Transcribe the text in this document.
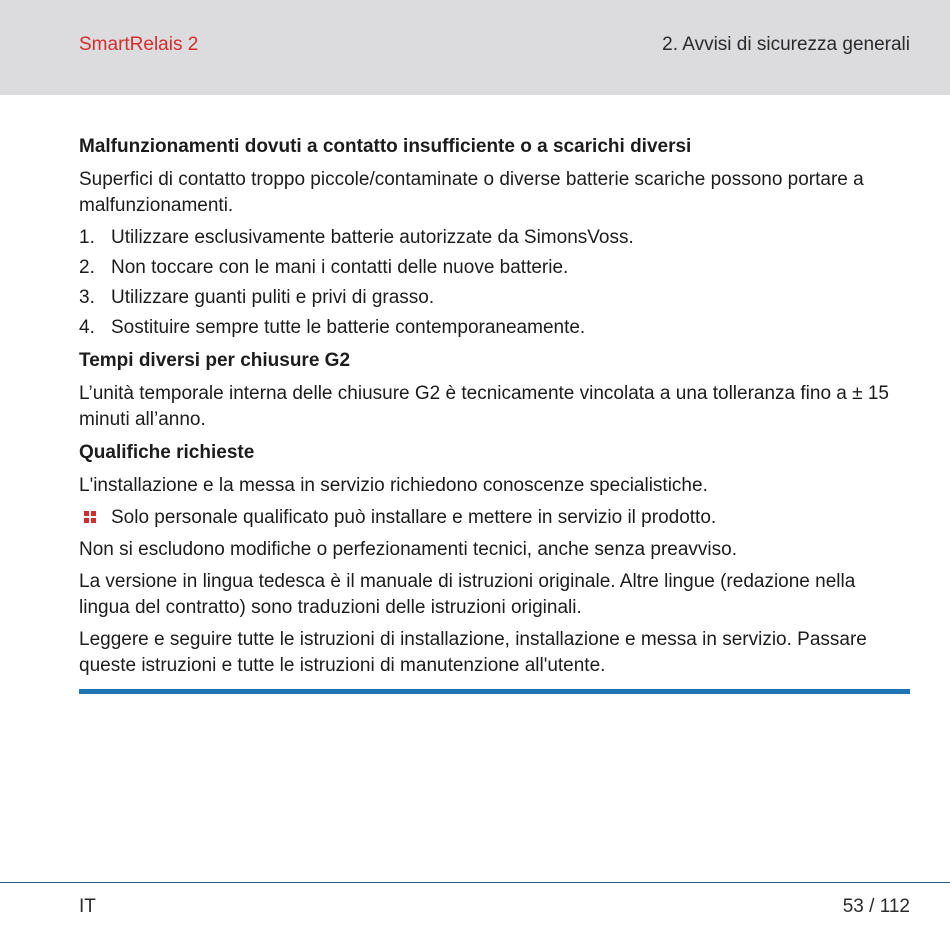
SmartRelais 2	2. Avvisi di sicurezza generali
Malfunzionamenti dovuti a contatto insufficiente o a scarichi diversi
Superfici di contatto troppo piccole/contaminate o diverse batterie scariche possono portare a malfunzionamenti.
1. Utilizzare esclusivamente batterie autorizzate da SimonsVoss.
2. Non toccare con le mani i contatti delle nuove batterie.
3. Utilizzare guanti puliti e privi di grasso.
4. Sostituire sempre tutte le batterie contemporaneamente.
Tempi diversi per chiusure G2
L’unità temporale interna delle chiusure G2 è tecnicamente vincolata a una tolleranza fino a ± 15 minuti all’anno.
Qualifiche richieste
L'installazione e la messa in servizio richiedono conoscenze specialistiche.
Solo personale qualificato può installare e mettere in servizio il prodotto.
Non si escludono modifiche o perfezionamenti tecnici, anche senza preavviso.
La versione in lingua tedesca è il manuale di istruzioni originale. Altre lingue (redazione nella lingua del contratto) sono traduzioni delle istruzioni originali.
Leggere e seguire tutte le istruzioni di installazione, installazione e messa in servizio. Passare queste istruzioni e tutte le istruzioni di manutenzione all'utente.
IT	53 / 112
